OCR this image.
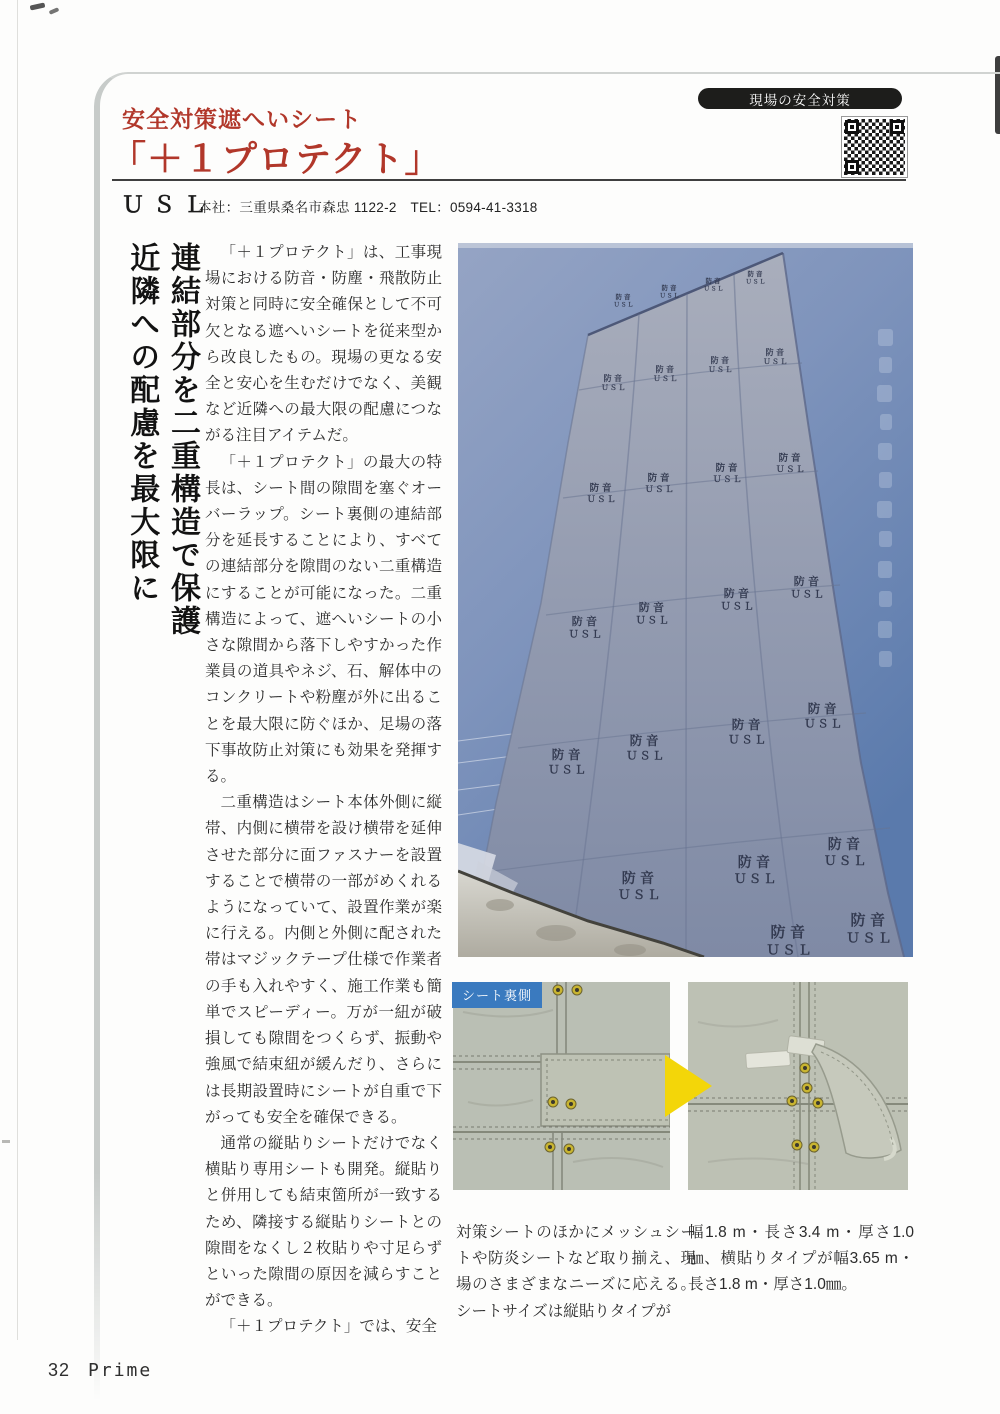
現場の安全対策
安全対策遮へいシート
「＋１プロテクト」
ＵＳＬ
本社：三重県桑名市森忠 1122-2　TEL：0594-41-3318
連結部分を二重構造で保護
近隣への配慮を最大限に	「＋１プロテクト」は、工事現場における防音・防塵・飛散防止対策と同時に安全確保として不可欠となる遮へいシートを従来型から改良したもの。現場の更なる安全と安心を生むだけでなく、美観など近隣への最大限の配慮につながる注目アイテムだ。

「＋１プロテクト」の最大の特長は、シート間の隙間を塞ぐオーバーラップ。シート裏側の連結部分を延長することにより、すべての連結部分を隙間のない二重構造にすることが可能になった。二重構造によって、遮へいシートの小さな隙間から落下しやすかった作業員の道具やネジ、石、解体中のコンクリートや粉塵が外に出ることを最大限に防ぐほか、足場の落下事故防止対策にも効果を発揮する。

二重構造はシート本体外側に縦帯、内側に横帯を設け横帯を延伸させた部分に面ファスナーを設置することで横帯の一部がめくれるようになっていて、設置作業が楽に行える。内側と外側に配された帯はマジックテープ仕様で作業者の手も入れやすく、施工作業も簡単でスピーディー。万が一紐が破損しても隙間をつくらず、振動や強風で結束紐が緩んだり、さらには長期設置時にシートが自重で下がっても安全を確保できる。

通常の縦貼りシートだけでなく横貼り専用シートも開発。縦貼りと併用しても結束箇所が一致するため、隣接する縦貼りシートとの隙間をなくし２枚貼りや寸足らずといった隙間の原因を減らすことができる。

「＋１プロテクト」では、安全

対策シートのほかにメッシュシートや防炎シートなど取り揃え、現場のさまざまなニーズに応える。シートサイズは縦貼りタイプが

幅1.8 m・長さ3.4 m・厚さ1.0㎜、横貼りタイプが幅3.65 m・長さ1.8 m・厚さ1.0㎜。

防音
ＵＳＬ
防音
ＵＳＬ
防音
ＵＳＬ
防音
ＵＳＬ
防音
ＵＳＬ
防音
ＵＳＬ
防音
ＵＳＬ
防音
ＵＳＬ
防音
ＵＳＬ
防音
ＵＳＬ
防音
ＵＳＬ
防音
ＵＳＬ
防音
ＵＳＬ
防音
ＵＳＬ
防音
ＵＳＬ
防音
ＵＳＬ
防音
ＵＳＬ
防音
ＵＳＬ
防音
ＵＳＬ
防音
ＵＳＬ
防音
ＵＳＬ
防音
ＵＳＬ
防音
ＵＳＬ
防音
ＵＳＬ
防音
ＵＳＬ
シート裏側
32 Prime
